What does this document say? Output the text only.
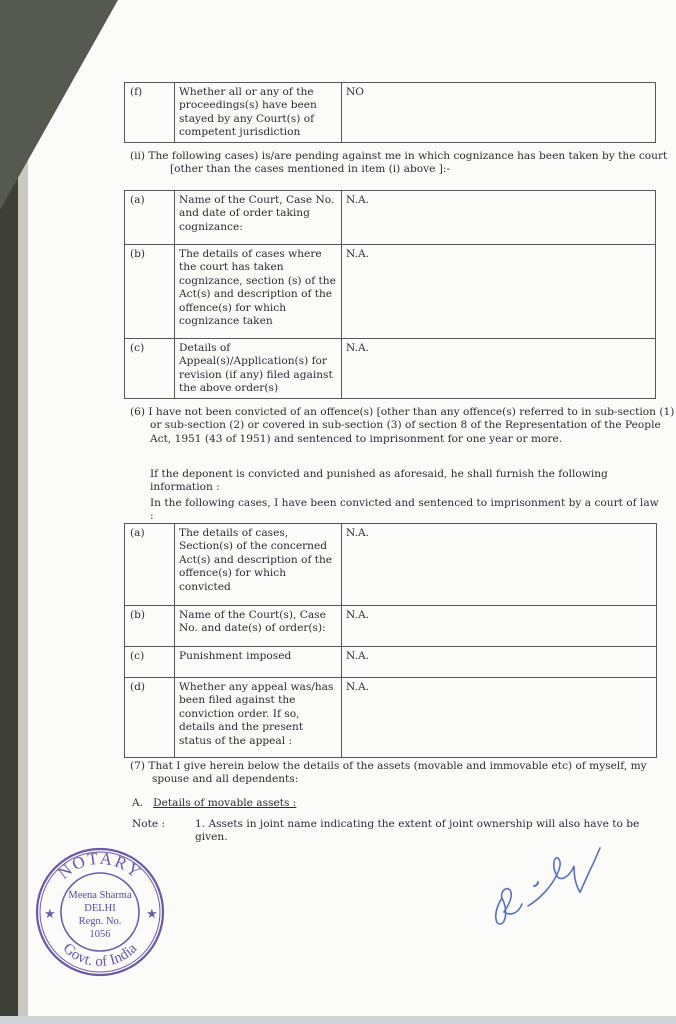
(f)	Whether all or any of the proceedings(s) have been stayed by any Court(s) of competent jurisdiction	NO
(ii) The following cases) is/are pending against me in which cognizance has been taken by the court [other than the cases mentioned in item (i) above ]:-
(a)	Name of the Court, Case No. and date of order taking cognizance:	N.A.
(b)	The details of cases where the court has taken cognizance, section (s) of the Act(s) and description of the offence(s) for which cognizance taken	N.A.
(c)	Details of Appeal(s)/Application(s) for revision (if any) filed against the above order(s)	N.A.
(6) I have not been convicted of an offence(s) [other than any offence(s) referred to in sub-section (1) or sub-section (2) or covered in sub-section (3) of section 8 of the Representation of the People Act, 1951 (43 of 1951) and sentenced to imprisonment for one year or more.
If the deponent is convicted and punished as aforesaid, he shall furnish the following information :
In the following cases, I have been convicted and sentenced to imprisonment by a court of law :
(a)	The details of cases, Section(s) of the concerned Act(s) and description of the offence(s) for which convicted	N.A.
(b)	Name of the Court(s), Case No. and date(s) of order(s):	N.A.
(c)	Punishment imposed	N.A.
(d)	Whether any appeal was/has been filed against the conviction order. If so, details and the present status of the appeal :	N.A.
(7) That I give herein below the details of the assets (movable and immovable etc) of myself, my spouse and all dependents:
A. Details of movable assets :
Note :	1. Assets in joint name indicating the extent of joint ownership will also have to be given.
NOTARY
Govt. of India
★	★
Meena Sharma
DELHI
Regn. No.
1056
